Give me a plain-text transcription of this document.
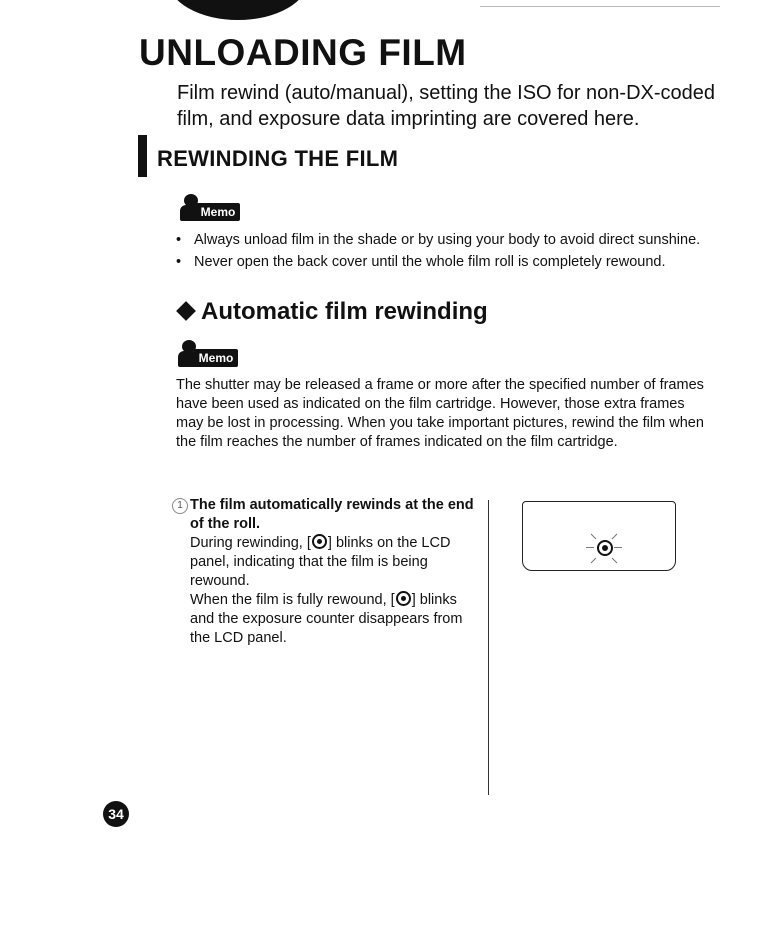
UNLOADING FILM

Film rewind (auto/manual), setting the ISO for non-DX-coded film, and exposure data imprinting are covered here.

REWINDING THE FILM
Memo
• Always unload film in the shade or by using your body to avoid direct sunshine.
• Never open the back cover until the whole film roll is completely rewound.
Automatic film rewinding
Memo

The shutter may be released a frame or more after the specified number of frames have been used as indicated on the film cartridge. However, those extra frames may be lost in processing. When you take important pictures, rewind the film when the film reaches the number of frames indicated on the film cartridge.

1 The film automatically rewinds at the end of the roll.

During rewinding, [ ] blinks on the LCD panel, indicating that the film is being rewound.

When the film is fully rewound, [ ] blinks and the exposure counter disappears from the LCD panel.

34
